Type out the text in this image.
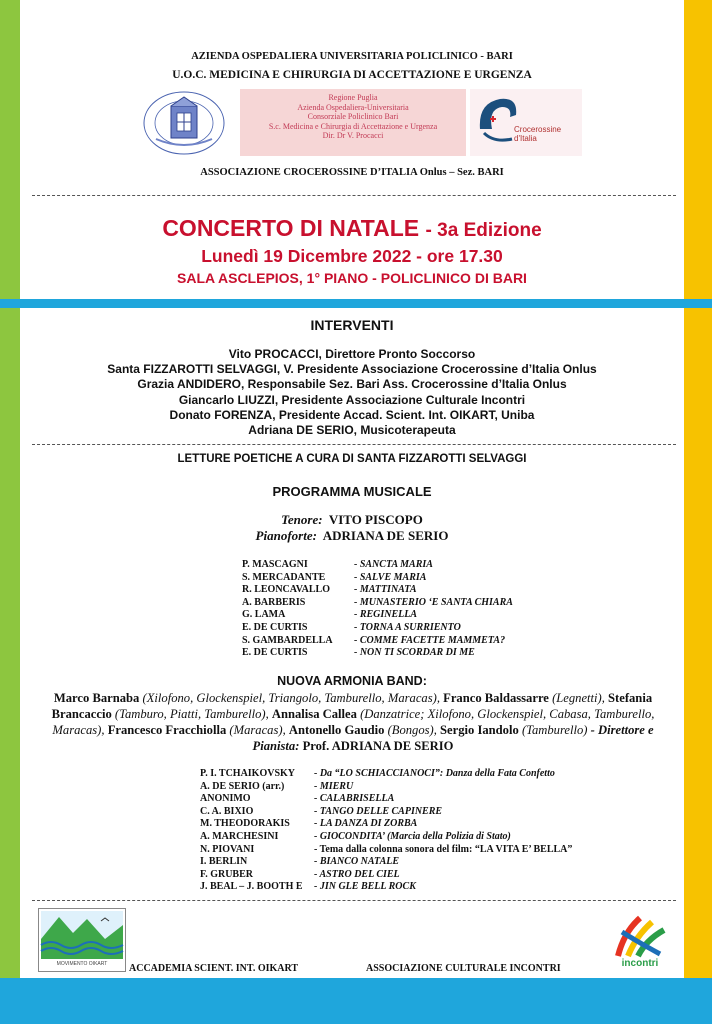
AZIENDA OSPEDALIERA UNIVERSITARIA POLICLINICO - BARI
U.O.C. MEDICINA E CHIRURGIA DI ACCETTAZIONE E URGENZA
Regione Puglia
Azienda Ospedaliera-Universitaria
Consorziale Policlinico Bari
S.c. Medicina e Chirurgia di Accettazione e Urgenza
Dir. Dr V. Procacci
Crocerossine d'Italia
ASSOCIAZIONE CROCEROSSINE D’ITALIA Onlus – Sez. BARI
CONCERTO DI NATALE - 3a Edizione
Lunedì 19 Dicembre 2022 - ore 17.30
SALA ASCLEPIOS, 1° PIANO - POLICLINICO DI BARI
INTERVENTI
Vito PROCACCI, Direttore Pronto Soccorso
Santa FIZZAROTTI SELVAGGI, V. Presidente Associazione Crocerossine d’Italia Onlus
Grazia ANDIDERO, Responsabile Sez. Bari Ass. Crocerossine d’Italia Onlus
Giancarlo LIUZZI, Presidente Associazione Culturale Incontri
Donato FORENZA, Presidente Accad. Scient. Int. OIKART, Uniba
Adriana DE SERIO, Musicoterapeuta
LETTURE POETICHE A CURA DI SANTA FIZZAROTTI SELVAGGI
PROGRAMMA MUSICALE
Tenore: VITO PISCOPO
Pianoforte: ADRIANA DE SERIO
P. MASCAGNI	- SANCTA MARIA
S. MERCADANTE	- SALVE MARIA
R. LEONCAVALLO - MATTINATA
A. BARBERIS	- MUNASTERIO ‘E SANTA CHIARA
G. LAMA	- REGINELLA
E. DE CURTIS	- TORNA A SURRIENTO
S. GAMBARDELLA - COMME FACETTE MAMMETA?
E. DE CURTIS	- NON TI SCORDAR DI ME
NUOVA ARMONIA BAND:
Marco Barnaba (Xilofono, Glockenspiel, Triangolo, Tamburello, Maracas), Franco Baldassarre (Legnetti), Stefania Brancaccio (Tamburo, Piatti, Tamburello), Annalisa Callea (Danzatrice; Xilofono, Glockenspiel, Cabasa, Tamburello, Maracas), Francesco Fracchiolla (Maracas), Antonello Gaudio (Bongos), Sergio Iandolo (Tamburello) - Direttore e Pianista: Prof. ADRIANA DE SERIO
P. I. TCHAIKOVSKY - Da “LO SCHIACCIANOCI”: Danza della Fata Confetto
A. DE SERIO (arr.)	- MIERU
ANONIMO	- CALABRISELLA
C. A. BIXIO	- TANGO DELLE CAPINERE
M. THEODORAKIS - LA DANZA DI ZORBA
A. MARCHESINI	- GIOCONDITA’ (Marcia della Polizia di Stato)
N. PIOVANI	- Tema dalla colonna sonora del film: “LA VITA E’ BELLA”
I. BERLIN	- BIANCO NATALE
F. GRUBER	- ASTRO DEL CIEL
J. BEAL – J. BOOTH E - JIN GLE BELL ROCK
MOVIMENTO OIKART	incontri
ACCADEMIA SCIENT. INT. OIKART	ASSOCIAZIONE CULTURALE INCONTRI
